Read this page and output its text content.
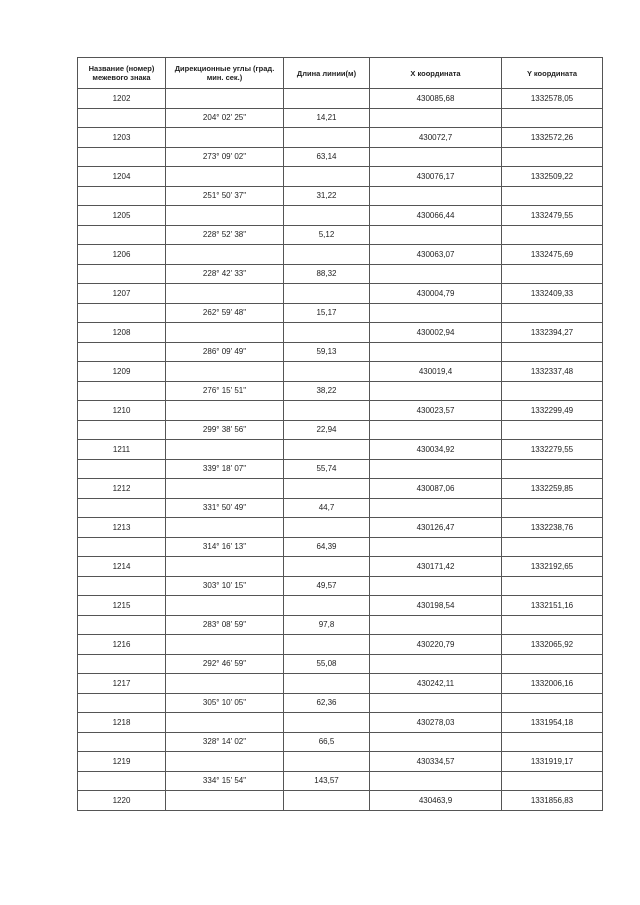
Название (номер) межевого знака	Дирекционные углы (град. мин. сек.)	Длина линии(м)	X координата	Y координата
1202			430085,68	1332578,05
	204° 02' 25"	14,21		
1203			430072,7	1332572,26
	273° 09' 02"	63,14		
1204			430076,17	1332509,22
	251° 50' 37"	31,22		
1205			430066,44	1332479,55
	228° 52' 38"	5,12		
1206			430063,07	1332475,69
	228° 42' 33"	88,32		
1207			430004,79	1332409,33
	262° 59' 48"	15,17		
1208			430002,94	1332394,27
	286° 09' 49"	59,13		
1209			430019,4	1332337,48
	276° 15' 51"	38,22		
1210			430023,57	1332299,49
	299° 38' 56"	22,94		
1211			430034,92	1332279,55
	339° 18' 07"	55,74		
1212			430087,06	1332259,85
	331° 50' 49"	44,7		
1213			430126,47	1332238,76
	314° 16' 13"	64,39		
1214			430171,42	1332192,65
	303° 10' 15"	49,57		
1215			430198,54	1332151,16
	283° 08' 59"	97,8		
1216			430220,79	1332065,92
	292° 46' 59"	55,08		
1217			430242,11	1332006,16
	305° 10' 05"	62,36		
1218			430278,03	1331954,18
	328° 14' 02"	66,5		
1219			430334,57	1331919,17
	334° 15' 54"	143,57		
1220			430463,9	1331856,83
